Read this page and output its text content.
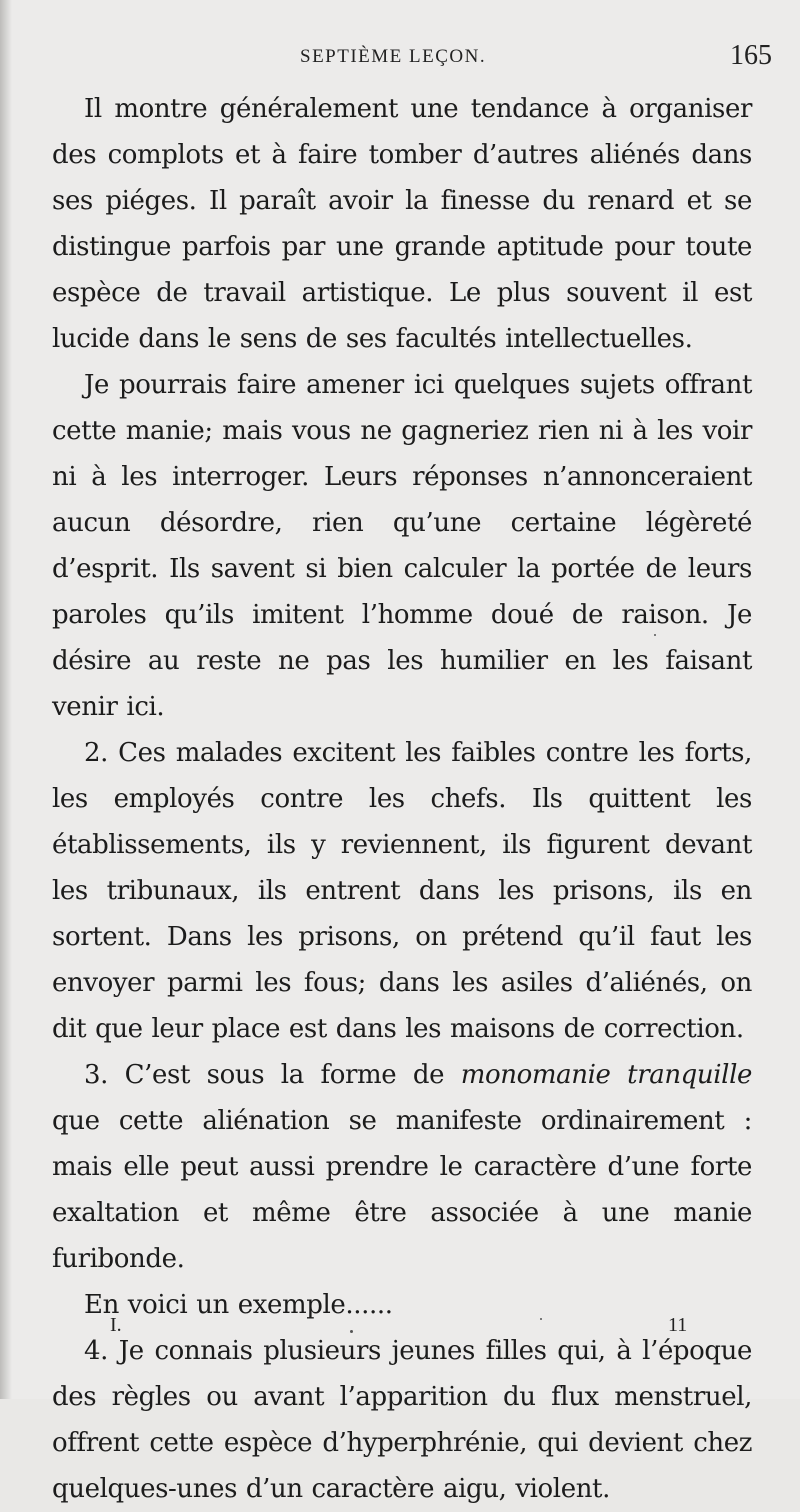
SEPTIÈME LEÇON.	165

Il montre généralement une tendance à organiser des complots et à faire tomber d’autres aliénés dans ses piéges. Il paraît avoir la finesse du renard et se distingue parfois par une grande aptitude pour toute espèce de travail artistique. Le plus souvent il est lucide dans le sens de ses facultés intellectuelles.

Je pourrais faire amener ici quelques sujets offrant cette manie; mais vous ne gagneriez rien ni à les voir ni à les interroger. Leurs réponses n’annonceraient aucun désordre, rien qu’une certaine légèreté d’esprit. Ils savent si bien calculer la portée de leurs paroles qu’ils imitent l’homme doué de raison. Je désire au reste ne pas les humilier en les faisant venir ici.

2. Ces malades excitent les faibles contre les forts, les employés contre les chefs. Ils quittent les établissements, ils y reviennent, ils figurent devant les tribunaux, ils entrent dans les prisons, ils en sortent. Dans les prisons, on prétend qu’il faut les envoyer parmi les fous; dans les asiles d’aliénés, on dit que leur place est dans les maisons de correction.

3. C’est sous la forme de monomanie tranquille que cette aliénation se manifeste ordinairement : mais elle peut aussi prendre le caractère d’une forte exaltation et même être associée à une manie furibonde.

En voici un exemple......

4. Je connais plusieurs jeunes filles qui, à l’époque des règles ou avant l’apparition du flux menstruel, offrent cette espèce d’hyperphrénie, qui devient chez quelques-unes d’un caractère aigu, violent.

I.	11
